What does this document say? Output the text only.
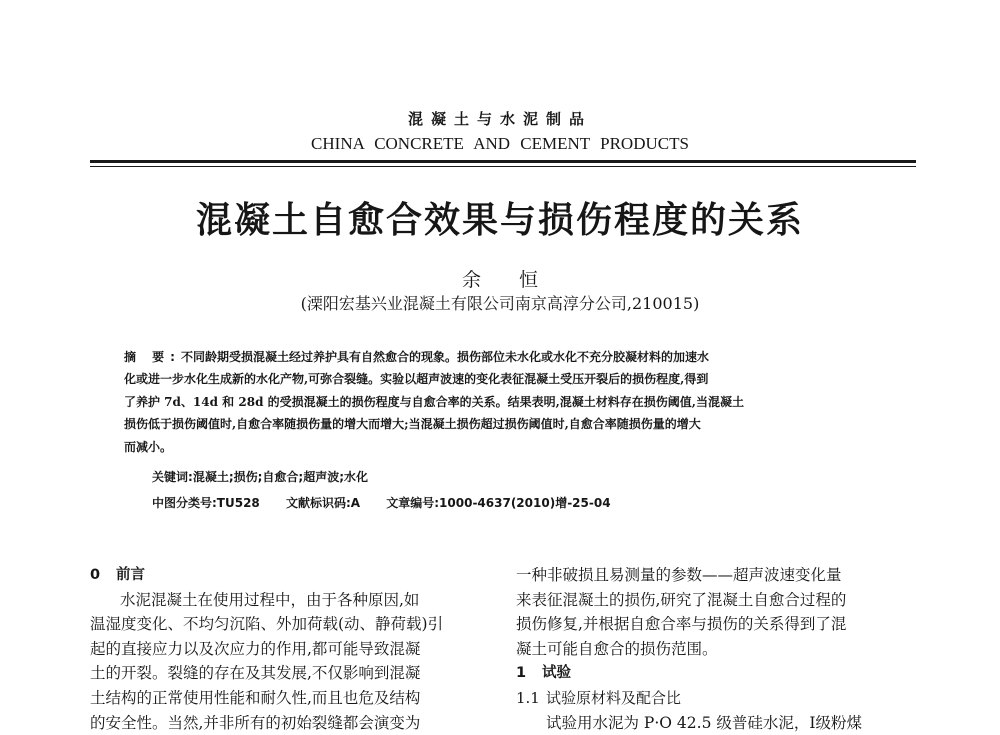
混凝土与水泥制品
CHINA CONCRETE AND CEMENT PRODUCTS
混凝土自愈合效果与损伤程度的关系
余 恒
(溧阳宏基兴业混凝土有限公司南京高淳分公司,210015)
摘 要:不同龄期受损混凝土经过养护具有自然愈合的现象。损伤部位未水化或水化不充分胶凝材料的加速水
化或进一步水化生成新的水化产物,可弥合裂缝。实验以超声波速的变化表征混凝土受压开裂后的损伤程度,得到
了养护 7d、14d 和 28d 的受损混凝土的损伤程度与自愈合率的关系。结果表明,混凝土材料存在损伤阈值,当混凝土
损伤低于损伤阈值时,自愈合率随损伤量的增大而增大;当混凝土损伤超过损伤阈值时,自愈合率随损伤量的增大
而减小。
关键词:混凝土;损伤;自愈合;超声波;水化
中图分类号:TU528 文献标识码:A 文章编号:1000-4637(2010)增-25-04
0 前言
水泥混凝土在使用过程中，由于各种原因,如
温湿度变化、不均匀沉陷、外加荷载(动、静荷载)引
起的直接应力以及次应力的作用,都可能导致混凝
土的开裂。裂缝的存在及其发展,不仅影响到混凝
土结构的正常使用性能和耐久性,而且也危及结构
的安全性。当然,并非所有的初始裂缝都会演变为
一种非破损且易测量的参数——超声波速变化量
来表征混凝土的损伤,研究了混凝土自愈合过程的
损伤修复,并根据自愈合率与损伤的关系得到了混
凝土可能自愈合的损伤范围。
1 试验
1.1 试验原材料及配合比
试验用水泥为 P·O 42.5 级普硅水泥，Ⅰ级粉煤
